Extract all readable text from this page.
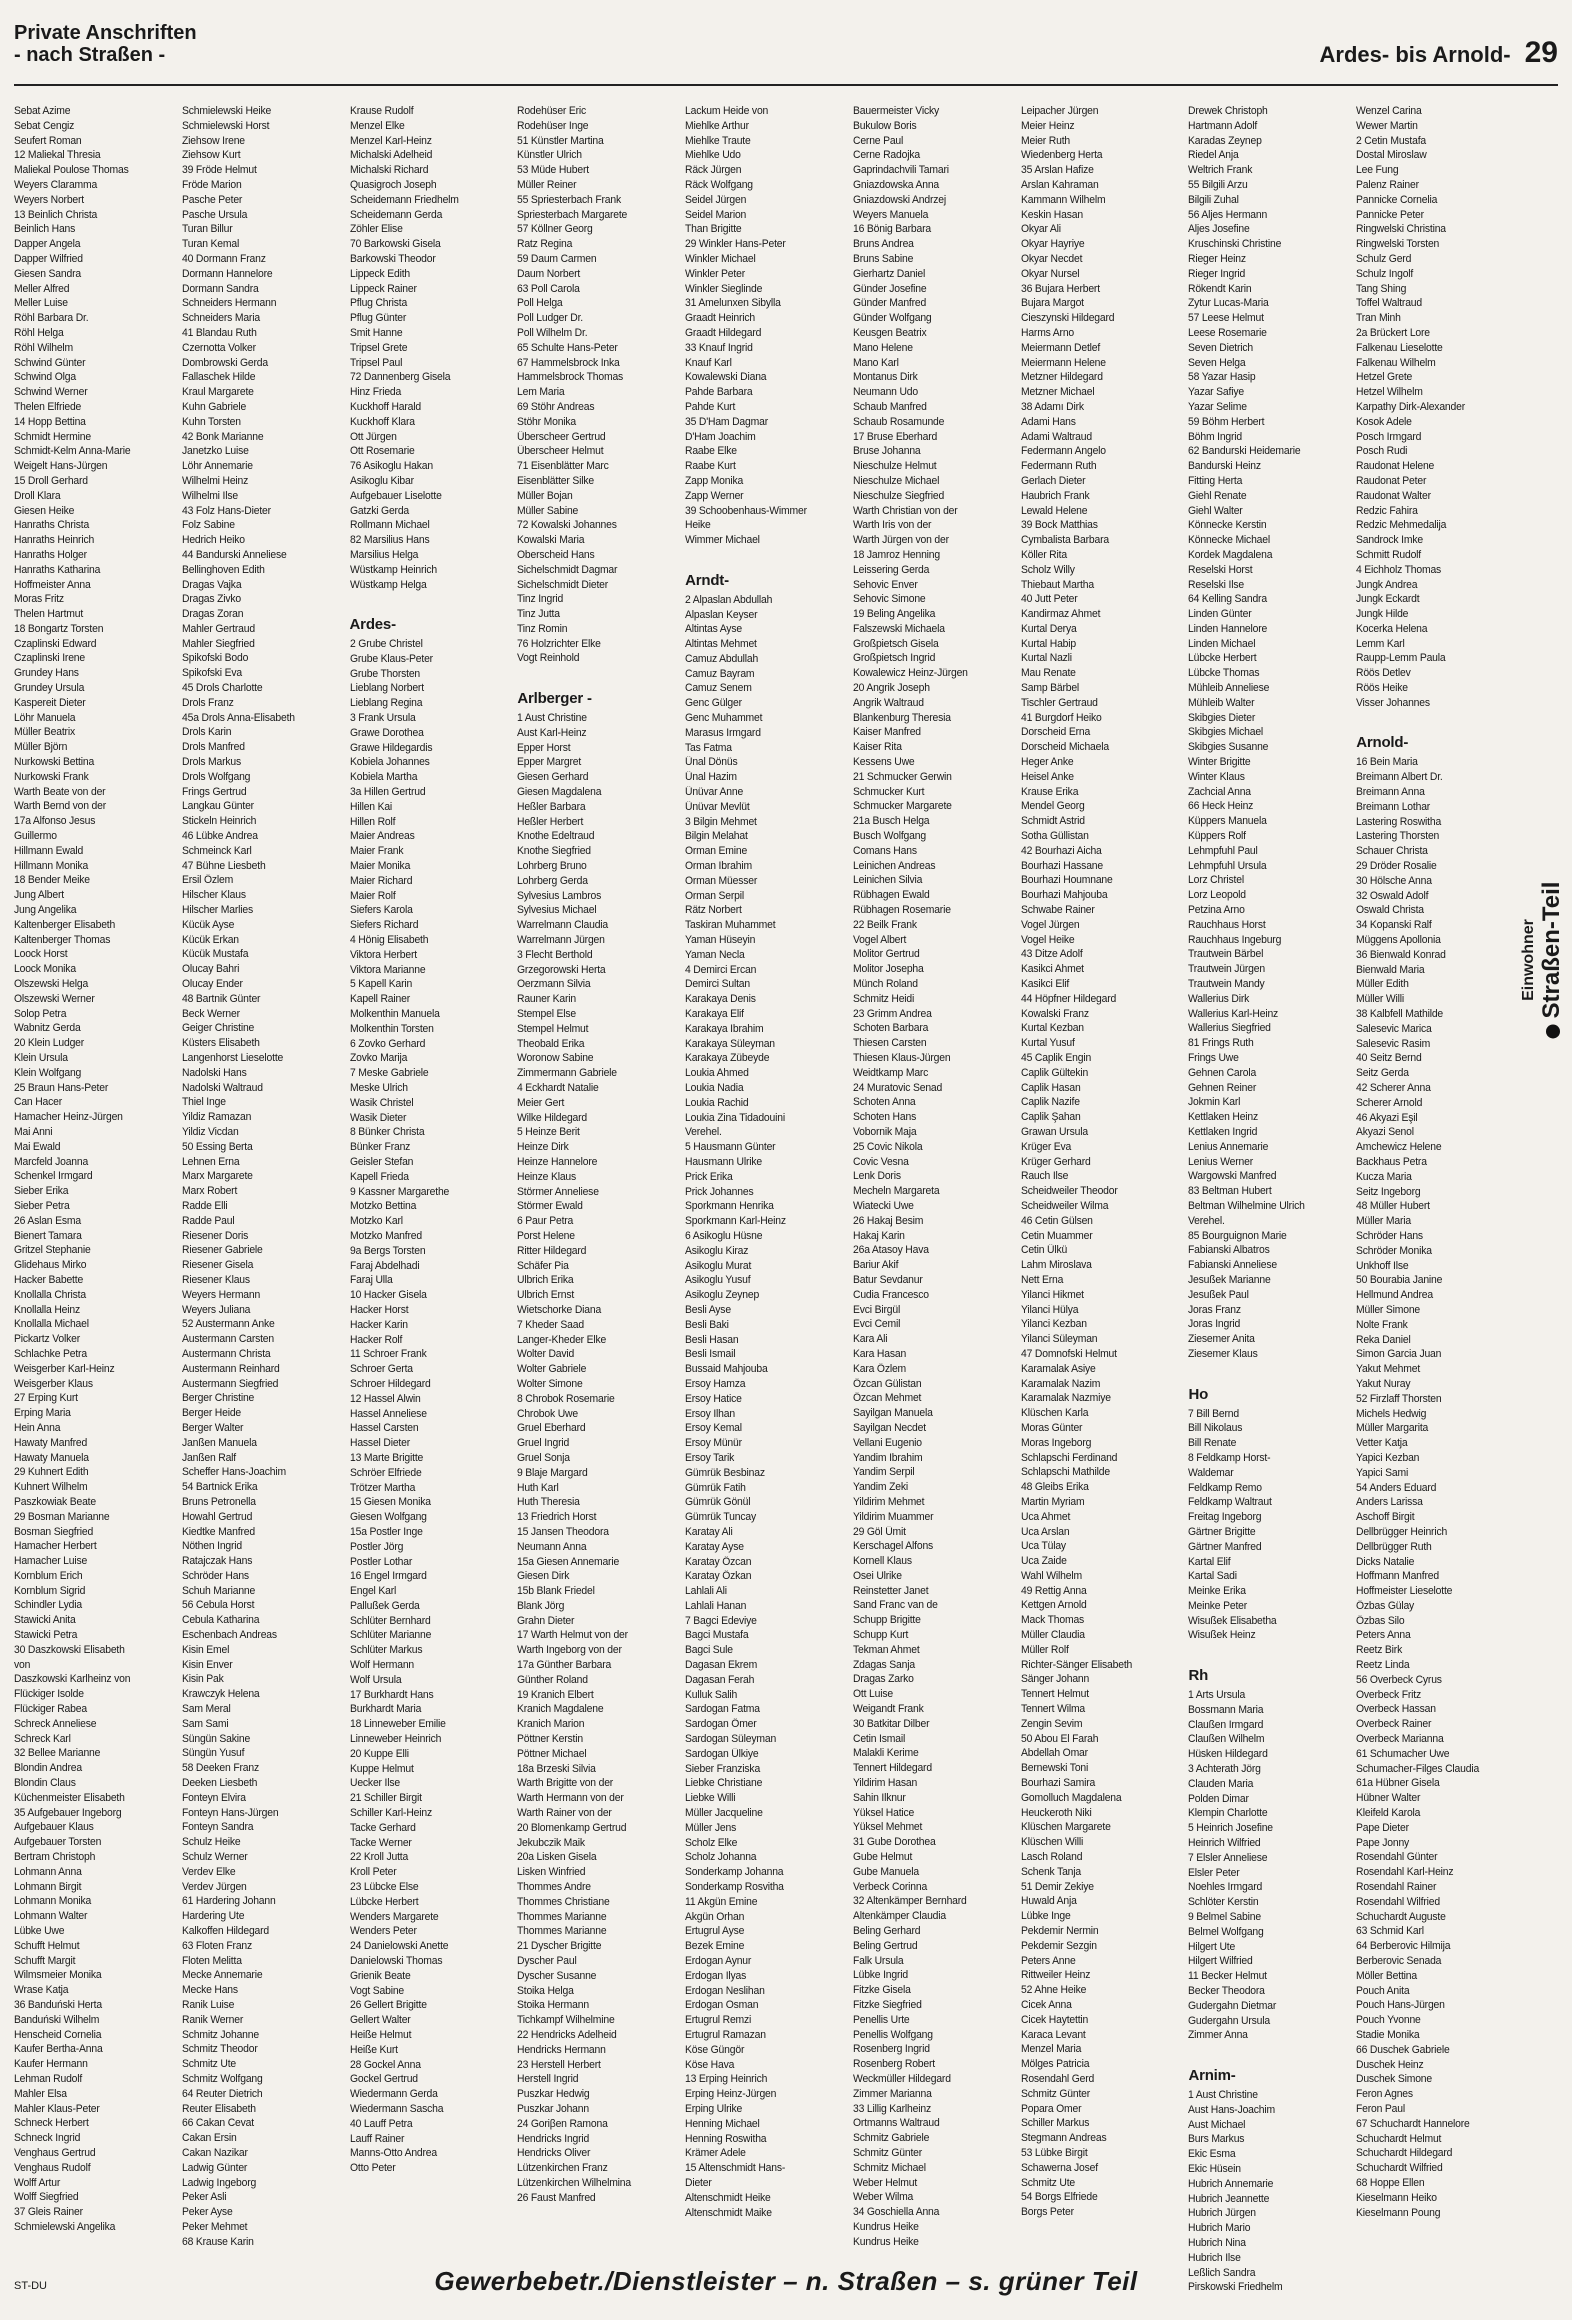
Private Anschriften
- nach Straßen -	Ardes- bis Arnold- 29
Sebat Azime
Sebat Cengiz
Seufert Roman
12 Maliekal Thresia
Maliekal Poulose Thomas
Weyers Claramma
Weyers Norbert
13 Beinlich Christa
Beinlich Hans
Dapper Angela
Dapper Wilfried
Giesen Sandra
Meller Alfred
Meller Luise
Röhl Barbara Dr.
Röhl Helga
Röhl Wilhelm
Schwind Günter
Schwind Olga
Schwind Werner
Thelen Elfriede
14 Hopp Bettina
Schmidt Hermine
Schmidt-Kelm Anna-Marie
Weigelt Hans-Jürgen
15 Droll Gerhard
Droll Klara
Giesen Heike
Hanraths Christa
Hanraths Heinrich
Hanraths Holger
Hanraths Katharina
Hoffmeister Anna
Moras Fritz
Thelen Hartmut
18 Bongartz Torsten
Czaplinski Edward
Czaplinski Irene
Grundey Hans
Grundey Ursula
Kaspereit Dieter
Löhr Manuela
Müller Beatrix
Müller Björn
Nurkowski Bettina
Nurkowski Frank
Warth Beate von der
Warth Bernd von der
17a Alfonso Jesus
Guillermo
Hillmann Ewald
Hillmann Monika
18 Bender Meike
Jung Albert
Jung Angelika
Kaltenberger Elisabeth
Kaltenberger Thomas
Loock Horst
Loock Monika
Olszewski Helga
Olszewski Werner
Solop Petra
Wabnitz Gerda
20 Klein Ludger
Klein Ursula
Klein Wolfgang
25 Braun Hans-Peter
Can Hacer
Hamacher Heinz-Jürgen
Mai Anni
Mai Ewald
Marcfeld Joanna
Schenkel Irmgard
Sieber Erika
Sieber Petra
26 Aslan Esma
Bienert Tamara
Gritzel Stephanie
Glidehaus Mirko
Hacker Babette
Knollalla Christa
Knollalla Heinz
Knollalla Michael
Pickartz Volker
Schlachke Petra
Weisgerber Karl-Heinz
Weisgerber Klaus
27 Erping Kurt
Erping Maria
Hein Anna
Hawaty Manfred
Hawaty Manuela
29 Kuhnert Edith
Kuhnert Wilhelm
Paszkowiak Beate
29 Bosman Marianne
Bosman Siegfried
Hamacher Herbert
Hamacher Luise
Kornblum Erich
Kornblum Sigrid
Schindler Lydia
Stawicki Anita
Stawicki Petra
30 Daszkowski Elisabeth
von
Daszkowski Karlheinz von
Flückiger Isolde
Flückiger Rabea
Schreck Anneliese
Schreck Karl
32 Bellee Marianne
Blondin Andrea
Blondin Claus
Küchenmeister Elisabeth
35 Aufgebauer Ingeborg
Aufgebauer Klaus
Aufgebauer Torsten
Bertram Christoph
Lohmann Anna
Lohmann Birgit
Lohmann Monika
Lohmann Walter
Lübke Uwe
Schufft Helmut
Schufft Margit
Wilmsmeier Monika
Wrase Katja
36 Banduński Herta
Banduński Wilhelm
Henscheid Cornelia
Kaufer Bertha-Anna
Kaufer Hermann
Lehman Rudolf
Mahler Elsa
Mahler Klaus-Peter
Schneck Herbert
Schneck Ingrid
Venghaus Gertrud
Venghaus Rudolf
Wolff Artur
Wolff Siegfried
37 Gleis Rainer
Schmielewski Angelika
Schmielewski Heike
Schmielewski Horst
Ziehsow Irene
Ziehsow Kurt
39 Fröde Helmut
Fröde Marion
Pasche Peter
Pasche Ursula
Turan Billur
Turan Kemal
40 Dormann Franz
Dormann Hannelore
Dormann Sandra
Schneiders Hermann
Schneiders Maria
41 Blandau Ruth
Czernotta Volker
Dombrowski Gerda
Fallaschek Hilde
Kraul Margarete
Kuhn Gabriele
Kuhn Torsten
42 Bonk Marianne
Janetzko Luise
Löhr Annemarie
Wilhelmi Heinz
Wilhelmi Ilse
43 Folz Hans-Dieter
Folz Sabine
Hedrich Heiko
44 Bandurski Anneliese
Bellinghoven Edith
Dragas Vajka
Dragas Zivko
Dragas Zoran
Mahler Gertraud
Mahler Siegfried
Spikofski Bodo
Spikofski Eva
45 Drols Charlotte
Drols Franz
45a Drols Anna-Elisabeth
Drols Karin
Drols Manfred
Drols Markus
Drols Wolfgang
Frings Gertrud
Langkau Günter
Stickeln Heinrich
46 Lübke Andrea
Schmeinck Karl
47 Bühne Liesbeth
Ersil Özlem
Hilscher Klaus
Hilscher Marlies
Kücük Ayse
Kücük Erkan
Kücük Mustafa
Olucay Bahri
Olucay Ender
48 Bartnik Günter
Beck Werner
Geiger Christine
Küsters Elisabeth
Langenhorst Lieselotte
Nadolski Hans
Nadolski Waltraud
Thiel Inge
Yildiz Ramazan
Yildiz Vicdan
50 Essing Berta
Lehnen Erna
Marx Margarete
Marx Robert
Radde Elli
Radde Paul
Riesener Doris
Riesener Gabriele
Riesener Gisela
Riesener Klaus
Weyers Hermann
Weyers Juliana
52 Austermann Anke
Austermann Carsten
Austermann Christa
Austermann Reinhard
Austermann Siegfried
Berger Christine
Berger Heide
Berger Walter
Janßen Manuela
Janßen Ralf
Scheffer Hans-Joachim
54 Bartnick Erika
Bruns Petronella
Howahl Gertrud
Kiedtke Manfred
Nöthen Ingrid
Ratajczak Hans
Schröder Hans
Schuh Marianne
56 Cebula Horst
Cebula Katharina
Eschenbach Andreas
Kisin Emel
Kisin Enver
Kisin Pak
Krawczyk Helena
Sam Meral
Sam Sami
Süngün Sakine
Süngün Yusuf
58 Deeken Franz
Deeken Liesbeth
Fonteyn Elvira
Fonteyn Hans-Jürgen
Fonteyn Sandra
Schulz Heike
Schulz Werner
Verdev Elke
Verdev Jürgen
61 Hardering Johann
Hardering Ute
Kalkoffen Hildegard
63 Floten Franz
Floten Melitta
Mecke Annemarie
Mecke Hans
Ranik Luise
Ranik Werner
Schmitz Johanne
Schmitz Theodor
Schmitz Ute
Schmitz Wolfgang
64 Reuter Dietrich
Reuter Elisabeth
66 Cakan Cevat
Cakan Ersin
Cakan Nazikar
Ladwig Günter
Ladwig Ingeborg
Peker Asli
Peker Ayse
Peker Mehmet
68 Krause Karin
Krause Rudolf
Menzel Elke
Menzel Karl-Heinz
Michalski Adelheid
Michalski Richard
Quasigroch Joseph
Scheidemann Friedhelm
Scheidemann Gerda
Zöhler Elise
70 Barkowski Gisela
Barkowski Theodor
Lippeck Edith
Lippeck Rainer
Pflug Christa
Pflug Günter
Smit Hanne
Tripsel Grete
Tripsel Paul
72 Dannenberg Gisela
Hinz Frieda
Kuckhoff Harald
Kuckhoff Klara
Ott Jürgen
Ott Rosemarie
76 Asikoglu Hakan
Asikoglu Kibar
Aufgebauer Liselotte
Gatzki Gerda
Rollmann Michael
82 Marsilius Hans
Marsilius Helga
Wüstkamp Heinrich
Wüstkamp Helga

Ardes-
2 Grube Christel
Grube Klaus-Peter
Grube Thorsten
Lieblang Norbert
Lieblang Regina
3 Frank Ursula
Grawe Dorothea
Grawe Hildegardis
Kobiela Johannes
Kobiela Martha
3a Hillen Gertrud
Hillen Kai
Hillen Rolf
Maier Andreas
Maier Frank
Maier Monika
Maier Richard
Maier Rolf
Siefers Karola
Siefers Richard
4 Hönig Elisabeth
Viktora Herbert
Viktora Marianne
5 Kapell Karin
Kapell Rainer
Molkenthin Manuela
Molkenthin Torsten
6 Zovko Gerhard
Zovko Marija
7 Meske Gabriele
Meske Ulrich
Wasik Christel
Wasik Dieter
8 Bünker Christa
Bünker Franz
Geisler Stefan
Kapell Frieda
9 Kassner Margarethe
Motzko Bettina
Motzko Karl
Motzko Manfred
9a Bergs Torsten
Faraj Abdelhadi
Faraj Ulla
10 Hacker Gisela
Hacker Horst
Hacker Karin
Hacker Rolf
11 Schroer Frank
Schroer Gerta
Schroer Hildegard
12 Hassel Alwin
Hassel Anneliese
Hassel Carsten
Hassel Dieter
13 Marte Brigitte
Schröer Elfriede
Trötzer Martha
15 Giesen Monika
Giesen Wolfgang
15a Postler Inge
Postler Jörg
Postler Lothar
16 Engel Irmgard
Engel Karl
Pallußek Gerda
Schlüter Bernhard
Schlüter Marianne
Schlüter Markus
Wolf Hermann
Wolf Ursula
17 Burkhardt Hans
Burkhardt Maria
18 Linneweber Emilie
Linneweber Heinrich
20 Kuppe Elli
Kuppe Helmut
Uecker Ilse
21 Schiller Birgit
Schiller Karl-Heinz
Tacke Gerhard
Tacke Werner
22 Kroll Jutta
Kroll Peter
23 Lübcke Else
Lübcke Herbert
Wenders Margarete
Wenders Peter
24 Danielowski Anette
Danielowski Thomas
Grienik Beate
Vogt Sabine
26 Gellert Brigitte
Gellert Walter
Heiße Helmut
Heiße Kurt
28 Gockel Anna
Gockel Gertrud
Wiedermann Gerda
Wiedermann Sascha
40 Lauff Petra
Lauff Rainer
Manns-Otto Andrea
Otto Peter
Rodehüser Eric
Rodehüser Inge
51 Künstler Martina
Künstler Ulrich
53 Müde Hubert
Müller Reiner
55 Spriesterbach Frank
Spriesterbach Margarete
57 Köllner Georg
Ratz Regina
59 Daum Carmen
Daum Norbert
63 Poll Carola
Poll Helga
Poll Ludger Dr.
Poll Wilhelm Dr.
65 Schulte Hans-Peter
67 Hammelsbrock Inka
Hammelsbrock Thomas
Lem Maria
69 Stöhr Andreas
Stöhr Monika
Überscheer Gertrud
Überscheer Helmut
71 Eisenblätter Marc
Eisenblätter Silke
Müller Bojan
Müller Sabine
72 Kowalski Johannes
Kowalski Maria
Oberscheid Hans
Sichelschmidt Dagmar
Sichelschmidt Dieter
Tinz Ingrid
Tinz Jutta
Tinz Romin
76 Holzrichter Elke
Vogt Reinhold

Arlberger -
1 Aust Christine
Aust Karl-Heinz
Epper Horst
Epper Margret
Giesen Gerhard
Giesen Magdalena
Heßler Barbara
Heßler Herbert
Knothe Edeltraud
Knothe Siegfried
Lohrberg Bruno
Lohrberg Gerda
Sylvesius Lambros
Sylvesius Michael
Warrelmann Claudia
Warrelmann Jürgen
3 Flecht Berthold
Grzegorowski Herta
Oerzmann Silvia
Rauner Karin
Stempel Else
Stempel Helmut
Theobald Erika
Woronow Sabine
Zimmermann Gabriele
4 Eckhardt Natalie
Meier Gert
Wilke Hildegard
5 Heinze Berit
Heinze Dirk
Heinze Hannelore
Heinze Klaus
Störmer Anneliese
Störmer Ewald
6 Paur Petra
Porst Helene
Ritter Hildegard
Schäfer Pia
Ulbrich Erika
Ulbrich Ernst
Wietschorke Diana
7 Kheder Saad
Langer-Kheder Elke
Wolter David
Wolter Gabriele
Wolter Simone
8 Chrobok Rosemarie
Chrobok Uwe
Gruel Eberhard
Gruel Ingrid
Gruel Sonja
9 Blaje Margard
Huth Karl
Huth Theresia
13 Friedrich Horst
15 Jansen Theodora
Neumann Anna
15a Giesen Annemarie
Giesen Dirk
15b Blank Friedel
Blank Jörg
Grahn Dieter
17 Warth Helmut von der
Warth Ingeborg von der
17a Günther Barbara
Günther Roland
19 Kranich Elbert
Kranich Magdalene
Kranich Marion
Pöttner Kerstin
Pöttner Michael
18a Brzeski Silvia
Warth Brigitte von der
Warth Hermann von der
Warth Rainer von der
20 Blomenkamp Gertrud
Jekubczik Maik
20a Lisken Gisela
Lisken Winfried
Thommes Andre
Thommes Christiane
Thommes Marianne
Thommes Marianne
21 Dyscher Brigitte
Dyscher Paul
Dyscher Susanne
Stoika Helga
Stoika Hermann
Tichkampf Wilhelmine
22 Hendricks Adelheid
Hendricks Hermann
23 Herstell Herbert
Herstell Ingrid
Puszkar Hedwig
Puszkar Johann
24 Goriβen Ramona
Hendricks Ingrid
Hendricks Oliver
Lützenkirchen Franz
Lützenkirchen Wilhelmina
26 Faust Manfred
Lackum Heide von
Miehlke Arthur
Miehlke Traute
Miehlke Udo
Räck Jürgen
Räck Wolfgang
Seidel Jürgen
Seidel Marion
Than Brigitte
29 Winkler Hans-Peter
Winkler Michael
Winkler Peter
Winkler Sieglinde
31 Amelunxen Sibylla
Graadt Heinrich
Graadt Hildegard
33 Knauf Ingrid
Knauf Karl
Kowalewski Diana
Pahde Barbara
Pahde Kurt
35 D'Ham Dagmar
D'Ham Joachim
Raabe Elke
Raabe Kurt
Zapp Monika
Zapp Werner
39 Schoobenhaus-Wimmer
Heike
Wimmer Michael

Arndt-
2 Alpaslan Abdullah
Alpaslan Keyser
Altintas Ayse
Altintas Mehmet
Camuz Abdullah
Camuz Bayram
Camuz Senem
Genc Gülger
Genc Muhammet
Marasus Irmgard
Tas Fatma
Ünal Dönüs
Ünal Hazim
Ünüvar Anne
Ünüvar Mevlüt
3 Bilgin Mehmet
Bilgin Melahat
Orman Emine
Orman Ibrahim
Orman Müesser
Orman Serpil
Rätz Norbert
Taskiran Muhammet
Yaman Hüseyin
Yaman Necla
4 Demirci Ercan
Demirci Sultan
Karakaya Denis
Karakaya Elif
Karakaya Ibrahim
Karakaya Süleyman
Karakaya Zübeyde
Loukia Ahmed
Loukia Nadia
Loukia Rachid
Loukia Zina Tidadouini
Verehel.
5 Hausmann Günter
Hausmann Ulrike
Prick Erika
Prick Johannes
Sporkmann Henrika
Sporkmann Karl-Heinz
6 Asikoglu Hüsne
Asikoglu Kiraz
Asikoglu Murat
Asikoglu Yusuf
Asikoglu Zeynep
Besli Ayse
Besli Baki
Besli Hasan
Besli Ismail
Bussaid Mahjouba
Ersoy Hamza
Ersoy Hatice
Ersoy Ilhan
Ersoy Kemal
Ersoy Münür
Ersoy Tarik
Gümrük Besbinaz
Gümrük Fatih
Gümrük Gönül
Gümrük Tuncay
Karatay Ali
Karatay Ayse
Karatay Özcan
Karatay Özkan
Lahlali Ali
Lahlali Hanan
7 Bagci Edeviye
Bagci Mustafa
Bagci Sule
Dagasan Ekrem
Dagasan Ferah
Kulluk Salih
Sardogan Fatma
Sardogan Ömer
Sardogan Süleyman
Sardogan Ülkiye
Sieber Franziska
Liebke Christiane
Liebke Willi
Müller Jacqueline
Müller Jens
Scholz Elke
Scholz Johanna
Sonderkamp Johanna
Sonderkamp Rosvitha
11 Akgün Emine
Akgün Orhan
Ertugrul Ayse
Bezek Emine
Erdogan Aynur
Erdogan Ilyas
Erdogan Neslihan
Erdogan Osman
Ertugrul Remzi
Ertugrul Ramazan
Köse Güngör
Köse Hava
13 Erping Heinrich
Erping Heinz-Jürgen
Erping Ulrike
Henning Michael
Henning Roswitha
Krämer Adele
15 Altenschmidt Hans-
Dieter
Altenschmidt Heike
Altenschmidt Maike
Bauermeister Vicky
Bukulow Boris
Cerne Paul
Cerne Radojka
Gaprindachvili Tamari
Gniazdowska Anna
Gniazdowski Andrzej
Weyers Manuela
16 Bönig Barbara
Bruns Andrea
Bruns Sabine
Gierhartz Daniel
Günder Josefine
Günder Manfred
Günder Wolfgang
Keusgen Beatrix
Mano Helene
Mano Karl
Montanus Dirk
Neumann Udo
Schaub Manfred
Schaub Rosamunde
17 Bruse Eberhard
Bruse Johanna
Nieschulze Helmut
Nieschulze Michael
Nieschulze Siegfried
Warth Christian von der
Warth Iris von der
Warth Jürgen von der
18 Jamroz Henning
Leissering Gerda
Sehovic Enver
Sehovic Simone
19 Beling Angelika
Falszewski Michaela
Großpietsch Gisela
Großpietsch Ingrid
Kowalewicz Heinz-Jürgen
20 Angrik Joseph
Angrik Waltraud
Blankenburg Theresia
Kaiser Manfred
Kaiser Rita
Kessens Uwe
21 Schmucker Gerwin
Schmucker Kurt
Schmucker Margarete
21a Busch Helga
Busch Wolfgang
Comans Hans
Leinichen Andreas
Leinichen Silvia
Rübhagen Ewald
Rübhagen Rosemarie
22 Beilk Frank
Vogel Albert
Molitor Gertrud
Molitor Josepha
Münch Roland
Schmitz Heidi
23 Grimm Andrea
Schoten Barbara
Thiesen Carsten
Thiesen Klaus-Jürgen
Weidtkamp Marc
24 Muratovic Senad
Schoten Anna
Schoten Hans
Vobornik Maja
25 Covic Nikola
Covic Vesna
Lenk Doris
Mecheln Margareta
Wiatecki Uwe
26 Hakaj Besim
Hakaj Karin
26a Atasoy Hava
Bariur Akif
Batur Sevdanur
Cudia Francesco
Evci Birgül
Evci Cemil
Kara Ali
Kara Hasan
Kara Özlem
Özcan Gülistan
Özcan Mehmet
Sayilgan Manuela
Sayilgan Necdet
Vellani Eugenio
Yandim Ibrahim
Yandim Serpil
Yandim Zeki
Yildirim Mehmet
Yildirim Muammer
29 Göl Ümit
Kerschagel Alfons
Kornell Klaus
Osei Ulrike
Reinstetter Janet
Sand Franc van de
Schupp Brigitte
Schupp Kurt
Tekman Ahmet
Zdagas Sanja
Dragas Zarko
Ott Luise
Weigandt Frank
30 Batkitar Dilber
Cetin Ismail
Malakli Kerime
Tennert Hildegard
Yildirim Hasan
Sahin Ilknur
Yüksel Hatice
Yüksel Mehmet
31 Gube Dorothea
Gube Helmut
Gube Manuela
Verbeck Corinna
32 Altenkämper Bernhard
Altenkämper Claudia
Beling Gerhard
Beling Gertrud
Falk Ursula
Lübke Ingrid
Fitzke Gisela
Fitzke Siegfried
Penellis Urte
Penellis Wolfgang
Rosenberg Ingrid
Rosenberg Robert
Weckmüller Hildegard
Zimmer Marianna
33 Lillig Karlheinz
Ortmanns Waltraud
Schmitz Gabriele
Schmitz Günter
Schmitz Michael
Weber Helmut
Weber Wilma
34 Goschiella Anna
Kundrus Heike
Kundrus Heike
Leipacher Jürgen
Meier Heinz
Meier Ruth
Wiedenberg Herta
35 Arslan Hafize
Arslan Kahraman
Kammann Wilhelm
Keskin Hasan
Okyar Ali
Okyar Hayriye
Okyar Necdet
Okyar Nursel
36 Bujara Herbert
Bujara Margot
Cieszynski Hildegard
Harms Arno
Meiermann Detlef
Meiermann Helene
Metzner Hildegard
Metzner Michael
38 Adamı Dirk
Adami Hans
Adami Waltraud
Federmann Angelo
Federmann Ruth
Gerlach Dieter
Haubrich Frank
Lewald Helene
39 Bock Matthias
Cymbalista Barbara
Köller Rita
Scholz Willy
Thiebaut Martha
40 Jutt Peter
Kandirmaz Ahmet
Kurtal Derya
Kurtal Habip
Kurtal Nazli
Mau Renate
Samp Bärbel
Tischler Gertraud
41 Burgdorf Heiko
Dorscheid Erna
Dorscheid Michaela
Heger Anke
Heisel Anke
Krause Erika
Mendel Georg
Schmidt Astrid
Sotha Güllistan
42 Bourhazi Aicha
Bourhazi Hassane
Bourhazi Houmnane
Bourhazi Mahjouba
Schwabe Rainer
Vogel Jürgen
Vogel Heike
43 Ditze Adolf
Kasikci Ahmet
Kasikci Elif
44 Höpfner Hildegard
Kowalski Franz
Kurtal Kezban
Kurtal Yusuf
45 Caplik Engin
Caplik Gültekin
Caplik Hasan
Caplik Nazife
Caplik Şahan
Grawan Ursula
Krüger Eva
Krüger Gerhard
Rauch Ilse
Scheidweiler Theodor
Scheidweiler Wilma
46 Cetin Gülsen
Cetin Muammer
Cetin Ülkü
Lahm Miroslava
Nett Erna
Yilanci Hikmet
Yilanci Hülya
Yilanci Kezban
Yilanci Süleyman
47 Domnofski Helmut
Karamalak Asiye
Karamalak Nazim
Karamalak Nazmiye
Klüschen Karla
Moras Günter
Moras Ingeborg
Schlapschi Ferdinand
Schlapschi Mathilde
48 Gleibs Erika
Martin Myriam
Uca Ahmet
Uca Arslan
Uca Tülay
Uca Zaide
Wahl Wilhelm
49 Rettig Anna
Kettgen Arnold
Mack Thomas
Müller Claudia
Müller Rolf
Richter-Sänger Elisabeth
Sänger Johann
Tennert Helmut
Tennert Wilma
Zengin Sevim
50 Abou El Farah
Abdellah Omar
Bernewski Toni
Bourhazi Samira
Gomolluch Magdalena
Heuckeroth Niki
Klüschen Margarete
Klüschen Willi
Lasch Roland
Schenk Tanja
51 Demir Zekiye
Huwald Anja
Lübke Inge
Pekdemir Nermin
Pekdemir Sezgin
Peters Anne
Rittweiler Heinz
52 Ahne Heike
Cicek Anna
Cicek Haytettin
Karaca Levant
Menzel Maria
Mölges Patricia
Rosendahl Gerd
Schmitz Günter
Popara Omer
Schiller Markus
Stegmann Andreas
53 Lübke Birgit
Schawerna Josef
Schmitz Ute
54 Borgs Elfriede
Borgs Peter
Drewek Christoph
Hartmann Adolf
Karadas Zeynep
Riedel Anja
Weltrich Frank
55 Bilgili Arzu
Bilgili Zuhal
56 Aljes Hermann
Aljes Josefine
Kruschinski Christine
Rieger Heinz
Rieger Ingrid
Rökendt Karin
Zytur Lucas-Maria
57 Leese Helmut
Leese Rosemarie
Seven Dietrich
Seven Helga
58 Yazar Hasip
Yazar Safiye
Yazar Selime
59 Böhm Herbert
Böhm Ingrid
62 Bandurski Heidemarie
Bandurski Heinz
Fitting Herta
Giehl Renate
Giehl Walter
Könnecke Kerstin
Könnecke Michael
Kordek Magdalena
Reselski Horst
Reselski Ilse
64 Kelling Sandra
Linden Günter
Linden Hannelore
Linden Michael
Lübcke Herbert
Lübcke Thomas
Mühleib Anneliese
Mühleib Walter
Skibgies Dieter
Skibgies Michael
Skibgies Susanne
Winter Brigitte
Winter Klaus
Zachcial Anna
66 Heck Heinz
Küppers Manuela
Küppers Rolf
Lehmpfuhl Paul
Lehmpfuhl Ursula
Lorz Christel
Lorz Leopold
Petzina Arno
Rauchhaus Horst
Rauchhaus Ingeburg
Trautwein Bärbel
Trautwein Jürgen
Trautwein Mandy
Wallerius Dirk
Wallerius Karl-Heinz
Wallerius Siegfried
81 Frings Ruth
Frings Uwe
Gehnen Carola
Gehnen Reiner
Jokmin Karl
Kettlaken Heinz
Kettlaken Ingrid
Lenius Annemarie
Lenius Werner
Wargowski Manfred
83 Beltman Hubert
Beltman Wilhelmine Ulrich
Verehel.
85 Bourguignon Marie
Fabianski Albatros
Fabianski Anneliese
Jesußek Marianne
Jesußek Paul
Joras Franz
Joras Ingrid
Ziesemer Anita
Ziesemer Klaus

Ho
7 Bill Bernd
Bill Nikolaus
Bill Renate
8 Feldkamp Horst-
Waldemar
Feldkamp Remo
Feldkamp Waltraut
Freitag Ingeborg
Gärtner Brigitte
Gärtner Manfred
Kartal Elif
Kartal Sadi
Meinke Erika
Meinke Peter
Wisußek Elisabetha
Wisußek Heinz

Rh
1 Arts Ursula
Bossmann Maria
Claußen Irmgard
Claußen Wilhelm
Hüsken Hildegard
3 Achterath Jörg
Clauden Maria
Polden Dimar
Klempin Charlotte
5 Heinrich Josefine
Heinrich Wilfried
7 Elsler Anneliese
Elsler Peter
Noehles Irmgard
Schlöter Kerstin
9 Belmel Sabine
Belmel Wolfgang
Hilgert Ute
Hilgert Wilfried
11 Becker Helmut
Becker Theodora
Gudergahn Dietmar
Gudergahn Ursula
Zimmer Anna

Arnim-
1 Aust Christine
Aust Hans-Joachim
Aust Michael
Burs Markus
Ekic Esma
Ekic Hüsein
Hubrich Annemarie
Hubrich Jeannette
Hubrich Jürgen
Hubrich Mario
Hubrich Nina
Hubrich Ilse
Leßlich Sandra
Pirskowski Friedhelm
Wenzel Carina
Wewer Martin
2 Cetin Mustafa
Dostal Miroslaw
Lee Fung
Palenz Rainer
Pannicke Cornelia
Pannicke Peter
Ringwelski Christina
Ringwelski Torsten
Schulz Gerd
Schulz Ingolf
Tang Shing
Toffel Waltraud
Tran Minh
2a Brückert Lore
Falkenau Lieselotte
Falkenau Wilhelm
Hetzel Grete
Hetzel Wilhelm
Karpathy Dirk-Alexander
Kosok Adele
Posch Irmgard
Posch Rudi
Raudonat Helene
Raudonat Peter
Raudonat Walter
Redzic Fahira
Redzic Mehmedalija
Sandrock Imke
Schmitt Rudolf
4 Eichholz Thomas
Jungk Andrea
Jungk Eckardt
Jungk Hilde
Kocerka Helena
Lemm Karl
Raupp-Lemm Paula
Röös Detlev
Röös Heike
Visser Johannes

Arnold-
16 Bein Maria
Breimann Albert Dr.
Breimann Anna
Breimann Lothar
Lastering Roswitha
Lastering Thorsten
Schauer Christa
29 Dröder Rosalie
30 Hölsche Anna
32 Oswald Adolf
Oswald Christa
34 Kopanski Ralf
Müggens Apollonia
36 Bienwald Konrad
Bienwald Maria
Müller Edith
Müller Willi
38 Kalbfell Mathilde
Salesevic Marica
Salesevic Rasim
40 Seitz Bernd
Seitz Gerda
42 Scherer Anna
Scherer Arnold
46 Akyazi Eşil
Akyazi Senol
Amchewicz Helene
Backhaus Petra
Kucza Maria
Seitz Ingeborg
48 Müller Hubert
Müller Maria
Schröder Hans
Schröder Monika
Unkhoff Ilse
50 Bourabia Janine
Hellmund Andrea
Müller Simone
Nolte Frank
Reka Daniel
Simon Garcia Juan
Yakut Mehmet
Yakut Nuray
52 Firzlaff Thorsten
Michels Hedwig
Müller Margarita
Vetter Katja
Yapici Kezban
Yapici Sami
54 Anders Eduard
Anders Larissa
Aschoff Birgit
Dellbrügger Heinrich
Dellbrügger Ruth
Dicks Natalie
Hoffmann Manfred
Hoffmeister Lieselotte
Özbas Gülay
Özbas Silo
Peters Anna
Reetz Birk
Reetz Linda
56 Overbeck Cyrus
Overbeck Fritz
Overbeck Hassan
Overbeck Rainer
Overbeck Marianna
61 Schumacher Uwe
Schumacher-Filges Claudia
61a Hübner Gisela
Hübner Walter
Kleifeld Karola
Pape Dieter
Pape Jonny
Rosendahl Günter
Rosendahl Karl-Heinz
Rosendahl Rainer
Rosendahl Wilfried
Schuchardt Auguste
63 Schmid Karl
64 Berberovic Hilmija
Berberovic Senada
Möller Bettina
Pouch Anita
Pouch Hans-Jürgen
Pouch Yvonne
Stadie Monika
66 Duschek Gabriele
Duschek Heinz
Duschek Simone
Feron Agnes
Feron Paul
67 Schuchardt Hannelore
Schuchardt Helmut
Schuchardt Hildegard
Schuchardt Wilfried
68 Hoppe Ellen
Kieselmann Heiko
Kieselmann Poung
Einwohner Straßen-Teil
ST-DU	Gewerbebetr./Dienstleister – n. Straßen – s. grüner Teil
